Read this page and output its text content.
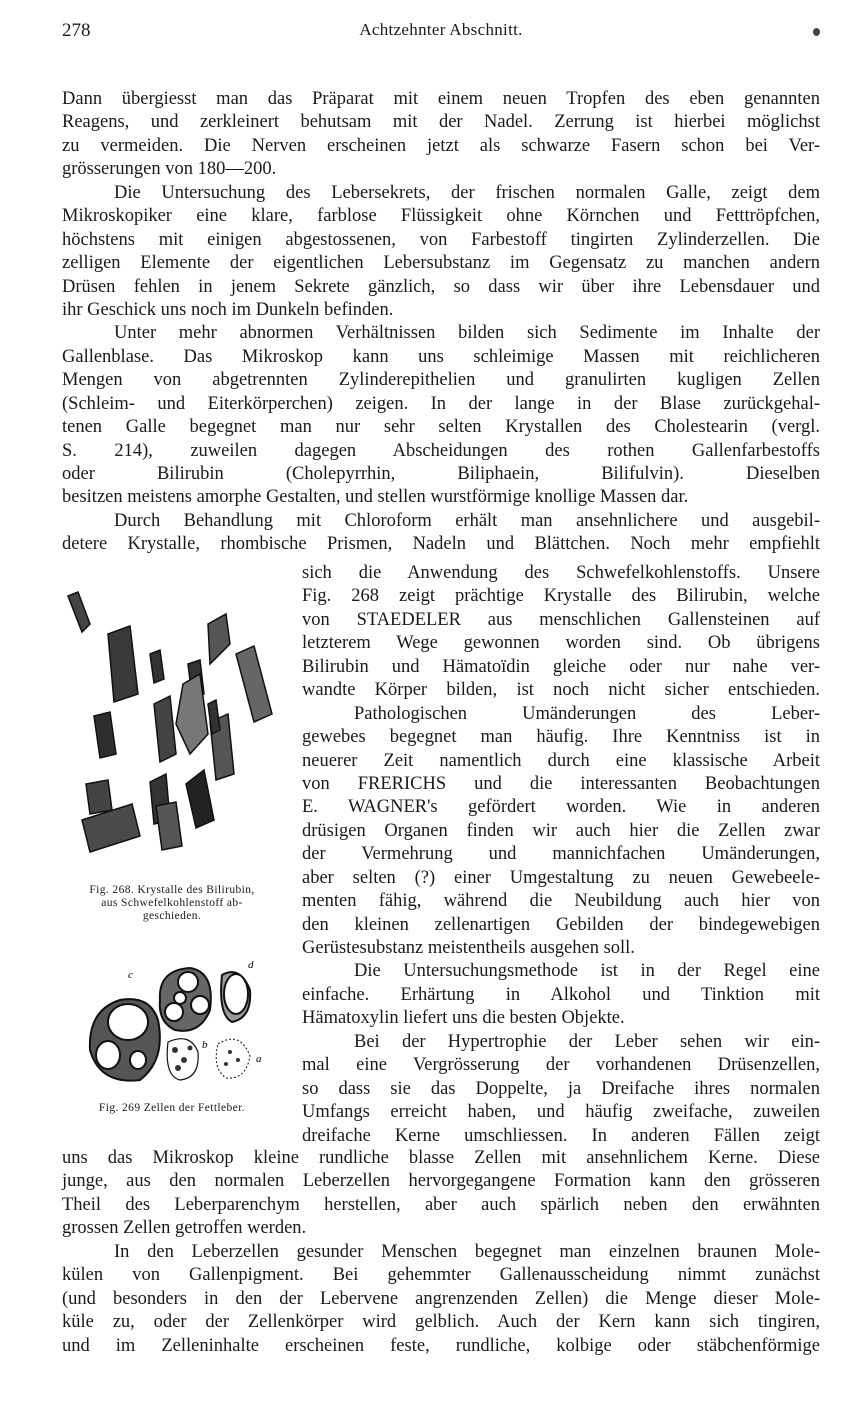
278	Achtzehnter Abschnitt.
Dann übergiesst man das Präparat mit einem neuen Tropfen des eben genannten
Reagens, und zerkleinert behutsam mit der Nadel. Zerrung ist hierbei möglichst
zu vermeiden. Die Nerven erscheinen jetzt als schwarze Fasern schon bei Ver-
grösserungen von 180—200.
Die Untersuchung des Lebersekrets, der frischen normalen Galle, zeigt dem
Mikroskopiker eine klare, farblose Flüssigkeit ohne Körnchen und Fetttröpfchen,
höchstens mit einigen abgestossenen, von Farbestoff tingirten Zylinderzellen. Die
zelligen Elemente der eigentlichen Lebersubstanz im Gegensatz zu manchen andern
Drüsen fehlen in jenem Sekrete gänzlich, so dass wir über ihre Lebensdauer und
ihr Geschick uns noch im Dunkeln befinden.
Unter mehr abnormen Verhältnissen bilden sich Sedimente im Inhalte der
Gallenblase. Das Mikroskop kann uns schleimige Massen mit reichlicheren
Mengen von abgetrennten Zylinderepithelien und granulirten kugligen Zellen
(Schleim- und Eiterkörperchen) zeigen. In der lange in der Blase zurückgehal-
tenen Galle begegnet man nur sehr selten Krystallen des Cholestearin (vergl.
S. 214), zuweilen dagegen Abscheidungen des rothen Gallenfarbestoffs
oder Bilirubin (Cholepyrrhin, Biliphaein, Bilifulvin). Dieselben
besitzen meistens amorphe Gestalten, und stellen wurstförmige knollige Massen dar.
Durch Behandlung mit Chloroform erhält man ansehnlichere und ausgebil-
detere Krystalle, rhombische Prismen, Nadeln und Blättchen. Noch mehr empfiehlt
sich die Anwendung des Schwefelkohlenstoffs. Unsere
Fig. 268 zeigt prächtige Krystalle des Bilirubin, welche
von STAEDELER aus menschlichen Gallensteinen auf
letzterem Wege gewonnen worden sind. Ob übrigens
Bilirubin und Hämatoïdin gleiche oder nur nahe ver-
wandte Körper bilden, ist noch nicht sicher entschieden.
Pathologischen Umänderungen des Leber-
gewebes begegnet man häufig. Ihre Kenntniss ist in
neuerer Zeit namentlich durch eine klassische Arbeit
von FRERICHS und die interessanten Beobachtungen
E. WAGNER's gefördert worden. Wie in anderen
drüsigen Organen finden wir auch hier die Zellen zwar
der Vermehrung und mannichfachen Umänderungen,
aber selten (?) einer Umgestaltung zu neuen Gewebeele-
menten fähig, während die Neubildung auch hier von
den kleinen zellenartigen Gebilden der bindegewebigen
Gerüstesubstanz meistentheils ausgehen soll.
Die Untersuchungsmethode ist in der Regel eine
einfache. Erhärtung in Alkohol und Tinktion mit
Hämatoxylin liefert uns die besten Objekte.
Bei der Hypertrophie der Leber sehen wir ein-
mal eine Vergrösserung der vorhandenen Drüsenzellen,
so dass sie das Doppelte, ja Dreifache ihres normalen
Umfangs erreicht haben, und häufig zweifache, zuweilen
dreifache Kerne umschliessen. In anderen Fällen zeigt
uns das Mikroskop kleine rundliche blasse Zellen mit ansehnlichem Kerne. Diese
junge, aus den normalen Leberzellen hervorgegangene Formation kann den grösseren
Theil des Leberparenchym herstellen, aber auch spärlich neben den erwähnten
grossen Zellen getroffen werden.
In den Leberzellen gesunder Menschen begegnet man einzelnen braunen Mole-
külen von Gallenpigment. Bei gehemmter Gallenausscheidung nimmt zunächst
(und besonders in den der Lebervene angrenzenden Zellen) die Menge dieser Mole-
küle zu, oder der Zellenkörper wird gelblich. Auch der Kern kann sich tingiren,
und im Zelleninhalte erscheinen feste, rundliche, kolbige oder stäbchenförmige
Fig. 268. Krystalle des Bilirubin,
aus Schwefelkohlenstoff ab-
geschieden.
c
d
b
a
Fig. 269 Zellen der Fettleber.
